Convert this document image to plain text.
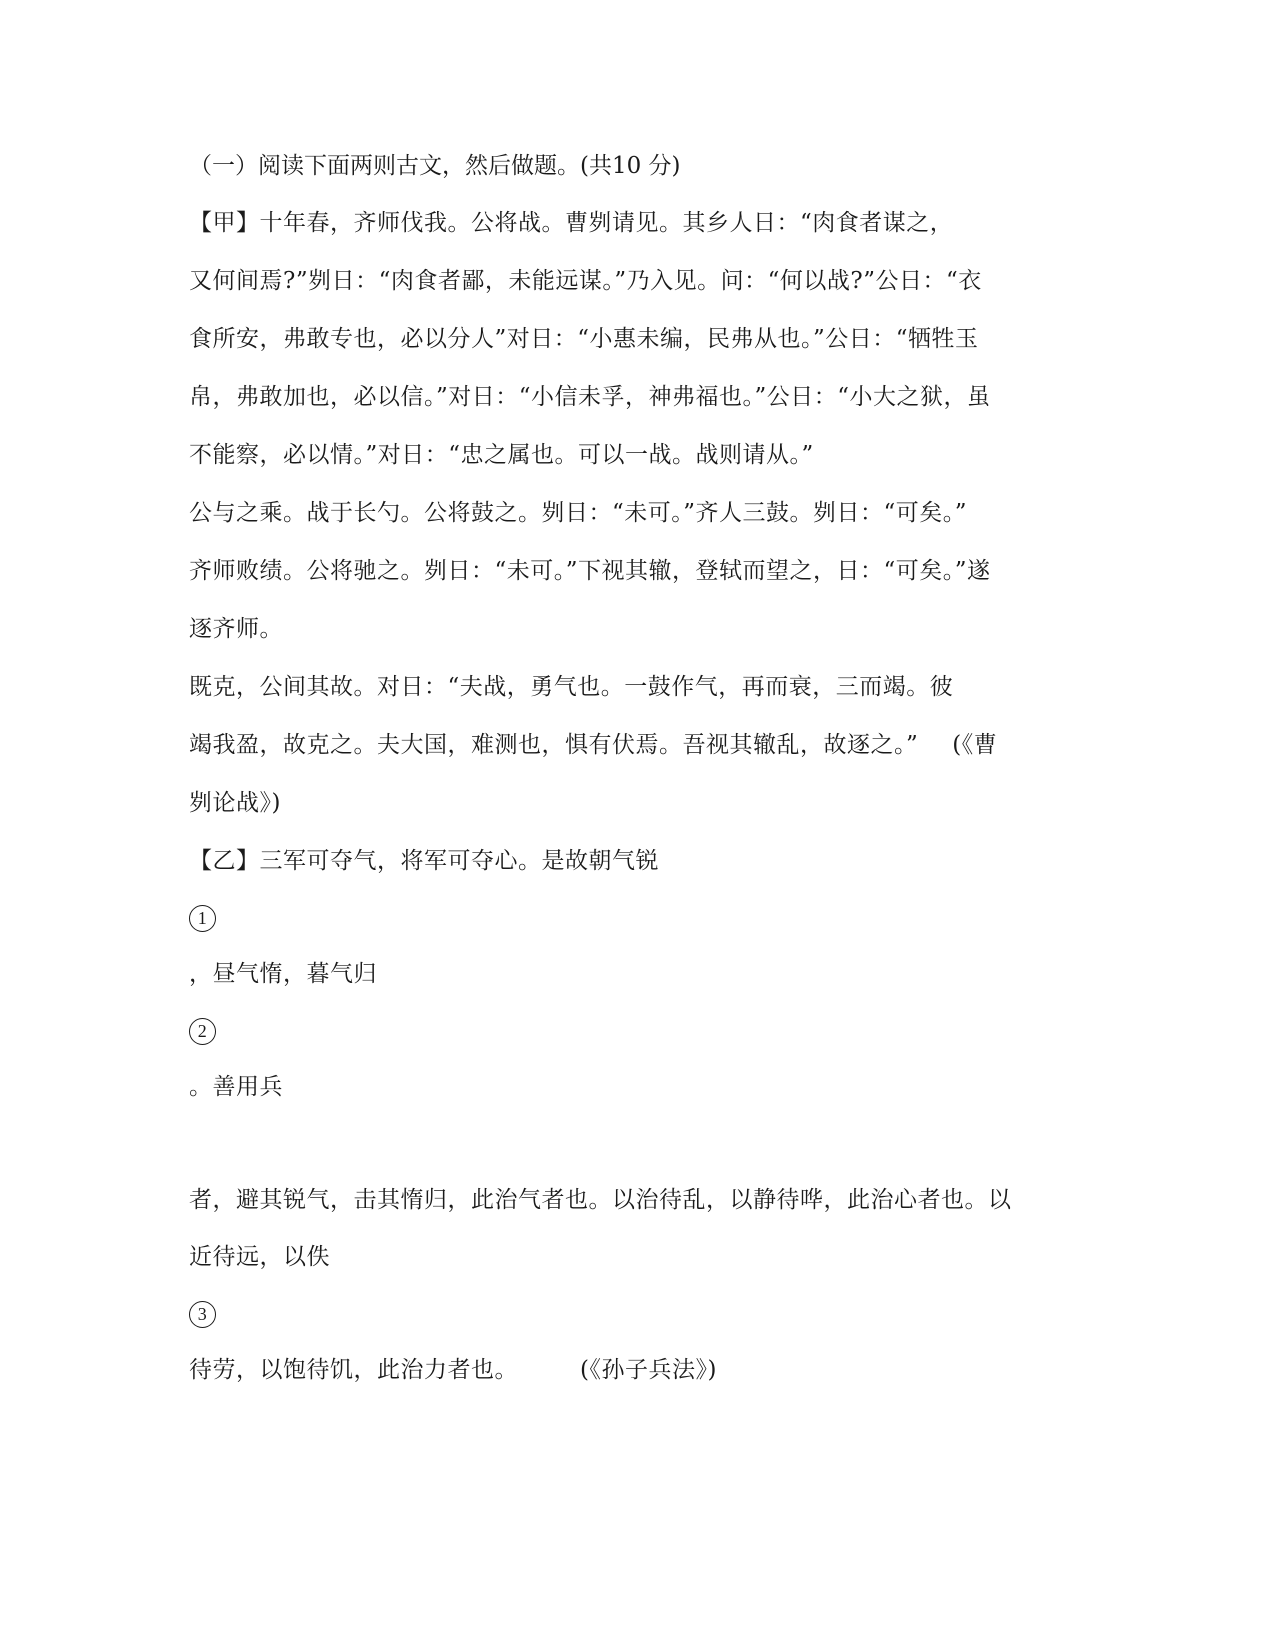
（一）阅读下面两则古文，然后做题。(共10 分)
【甲】十年春，齐师伐我。公将战。曹刿请见。其乡人日：“肉食者谋之，
又何间焉?”刿日：“肉食者鄙，未能远谋。”乃入见。问：“何以战?”公日：“衣
食所安，弗敢专也，必以分人”对日：“小惠未编，民弗从也。”公日：“牺牲玉
帛，弗敢加也，必以信。”对日：“小信未孚，神弗福也。”公日：“小大之狱，虽
不能察，必以情。”对日：“忠之属也。可以一战。战则请从。”
公与之乘。战于长勺。公将鼓之。刿日：“未可。”齐人三鼓。刿日：“可矣。”
齐师败绩。公将驰之。刿日：“未可。”下视其辙，登轼而望之，日：“可矣。”遂
逐齐师。
既克，公间其故。对日：“夫战，勇气也。一鼓作气，再而衰，三而竭。彼
竭我盈，故克之。夫大国，难测也，惧有伏焉。吾视其辙乱，故逐之。” (《曹
刿论战》)
【乙】三军可夺气，将军可夺心。是故朝气锐
1
，昼气惰，暮气归
2
。善用兵
者，避其锐气，击其惰归，此治气者也。以治待乱，以静待哗，此治心者也。以
近待远，以佚
3
待劳，以饱待饥，此治力者也。	(《孙子兵法》)
